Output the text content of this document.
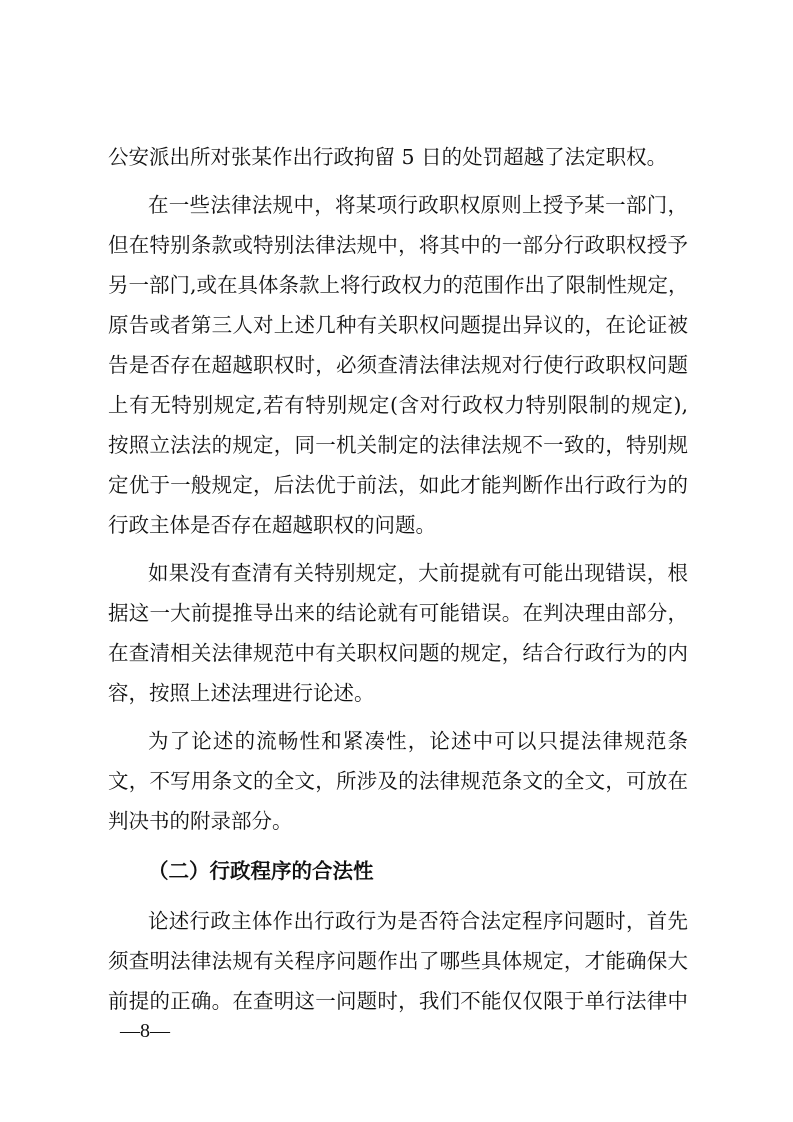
公安派出所对张某作出行政拘留 5 日的处罚超越了法定职权。
在一些法律法规中，将某项行政职权原则上授予某一部门，
但在特别条款或特别法律法规中，将其中的一部分行政职权授予
另一部门,或在具体条款上将行政权力的范围作出了限制性规定，
原告或者第三人对上述几种有关职权问题提出异议的，在论证被
告是否存在超越职权时，必须查清法律法规对行使行政职权问题
上有无特别规定,若有特别规定(含对行政权力特别限制的规定),
按照立法法的规定，同一机关制定的法律法规不一致的，特别规
定优于一般规定，后法优于前法，如此才能判断作出行政行为的
行政主体是否存在超越职权的问题。
如果没有查清有关特别规定，大前提就有可能出现错误，根
据这一大前提推导出来的结论就有可能错误。在判决理由部分，
在查清相关法律规范中有关职权问题的规定，结合行政行为的内
容，按照上述法理进行论述。
为了论述的流畅性和紧凑性，论述中可以只提法律规范条
文，不写用条文的全文，所涉及的法律规范条文的全文，可放在
判决书的附录部分。
（二）行政程序的合法性
论述行政主体作出行政行为是否符合法定程序问题时，首先
须查明法律法规有关程序问题作出了哪些具体规定，才能确保大
前提的正确。在查明这一问题时，我们不能仅仅限于单行法律中
—8—
